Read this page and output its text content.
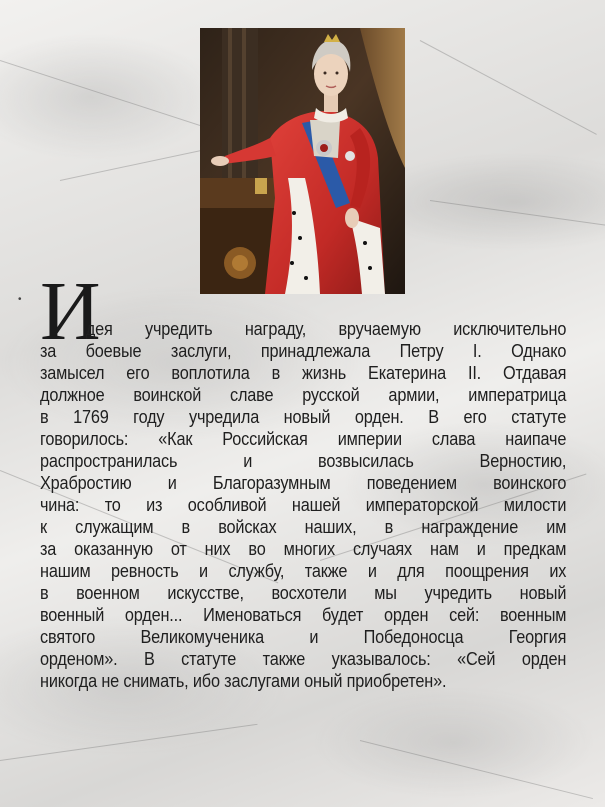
• И
дея учредить награду, вручаемую исключительно
за боевые заслуги, принадлежала Петру I. Однако
замысел его воплотила в жизнь Екатерина II. Отдавая
должное воинской славе русской армии, императрица
в 1769 году учредила новый орден. В его статуте
говорилось: «Как Российская империи слава наипаче
распространилась и возвысилась Верностию,
Храбростию и Благоразумным поведением воинского
чина: то из особливой нашей императорской милости
к служащим в войсках наших, в награждение им
за оказанную от них во многих случаях нам и предкам
нашим ревность и службу, также и для поощрения их
в военном искусстве, восхотели мы учредить новый
военный орден... Именоваться будет орден сей: военным
святого Великомученика и Победоносца Георгия
орденом». В статуте также указывалось: «Сей орден
никогда не снимать, ибо заслугами оный приобретен».
